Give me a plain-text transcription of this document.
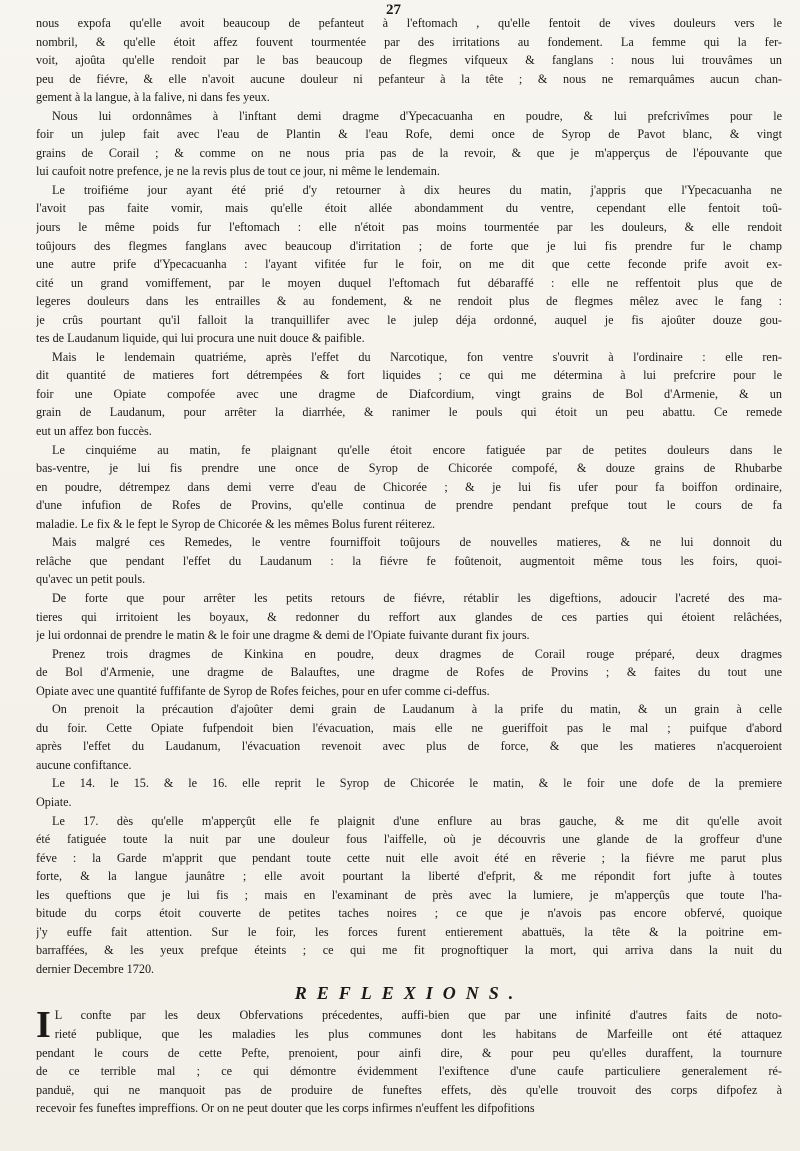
27
nous expofa qu'elle avoit beaucoup de pefanteut à l'eftomach , qu'elle fentoit de vives douleurs vers le
nombril, & qu'elle étoit affez fouvent tourmentée par des irritations au fondement. La femme qui la fer-
voit, ajoûta qu'elle rendoit par le bas beaucoup de flegmes vifqueux & fanglans : nous lui trouvâmes un
peu de fiévre, & elle n'avoit aucune douleur ni pefanteur à la tête ; & nous ne remarquâmes aucun chan-
gement à la langue, à la falive, ni dans fes yeux.
Nous lui ordonnâmes à l'inftant demi dragme d'Ypecacuanha en poudre, & lui prefcrivîmes pour le
foir un julep fait avec l'eau de Plantin & l'eau Rofe, demi once de Syrop de Pavot blanc, & vingt
grains de Corail ; & comme on ne nous pria pas de la revoir, & que je m'apperçus de l'épouvante que
lui caufoit notre prefence, je ne la revis plus de tout ce jour, ni même le lendemain.
Le troifiéme jour ayant été prié d'y retourner à dix heures du matin, j'appris que l'Ypecacuanha ne
l'avoit pas faite vomir, mais qu'elle étoit allée abondamment du ventre, cependant elle fentoit toû-
jours le même poids fur l'eftomach : elle n'étoit pas moins tourmentée par les douleurs, & elle rendoit
toûjours des flegmes fanglans avec beaucoup d'irritation ; de forte que je lui fis prendre fur le champ
une autre prife d'Ypecacuanha : l'ayant vifitée fur le foir, on me dit que cette feconde prife avoit ex-
cité un grand vomiffement, par le moyen duquel l'eftomach fut débaraffé : elle ne reffentoit plus que de
legeres douleurs dans les entrailles & au fondement, & ne rendoit plus de flegmes mêlez avec le fang :
je crûs pourtant qu'il falloit la tranquillifer avec le julep déja ordonné, auquel je fis ajoûter douze gou-
tes de Laudanum liquide, qui lui procura une nuit douce & paifible.
Mais le lendemain quatriéme, après l'effet du Narcotique, fon ventre s'ouvrit à l'ordinaire : elle ren-
dit quantité de matieres fort détrempées & fort liquides ; ce qui me détermina à lui prefcrire pour le
foir une Opiate compofée avec une dragme de Diafcordium, vingt grains de Bol d'Armenie, & un
grain de Laudanum, pour arrêter la diarrhée, & ranimer le pouls qui étoit un peu abattu. Ce remede
eut un affez bon fuccès.
Le cinquiéme au matin, fe plaignant qu'elle étoit encore fatiguée par de petites douleurs dans le
bas-ventre, je lui fis prendre une once de Syrop de Chicorée compofé, & douze grains de Rhubarbe
en poudre, détrempez dans demi verre d'eau de Chicorée ; & je lui fis ufer pour fa boiffon ordinaire,
d'une infufion de Rofes de Provins, qu'elle continua de prendre pendant prefque tout le cours de fa
maladie. Le fix & le fept le Syrop de Chicorée & les mêmes Bolus furent réiterez.
Mais malgré ces Remedes, le ventre fourniffoit toûjours de nouvelles matieres, & ne lui donnoit du
relâche que pendant l'effet du Laudanum : la fiévre fe foûtenoit, augmentoit même tous les foirs, quoi-
qu'avec un petit pouls.
De forte que pour arrêter les petits retours de fiévre, rétablir les digeftions, adoucir l'acreté des ma-
tieres qui irritoient les boyaux, & redonner du reffort aux glandes de ces parties qui étoient relâchées,
je lui ordonnai de prendre le matin & le foir une dragme & demi de l'Opiate fuivante durant fix jours.
Prenez trois dragmes de Kinkina en poudre, deux dragmes de Corail rouge préparé, deux dragmes
de Bol d'Armenie, une dragme de Balauftes, une dragme de Rofes de Provins ; & faites du tout une
Opiate avec une quantité fuffifante de Syrop de Rofes feiches, pour en ufer comme ci-deffus.
On prenoit la précaution d'ajoûter demi grain de Laudanum à la prife du matin, & un grain à celle
du foir. Cette Opiate fufpendoit bien l'évacuation, mais elle ne gueriffoit pas le mal ; puifque d'abord
après l'effet du Laudanum, l'évacuation revenoit avec plus de force, & que les matieres n'acqueroient
aucune confiftance.
Le 14. le 15. & le 16. elle reprit le Syrop de Chicorée le matin, & le foir une dofe de la premiere
Opiate.
Le 17. dès qu'elle m'apperçût elle fe plaignit d'une enflure au bras gauche, & me dit qu'elle avoit
été fatiguée toute la nuit par une douleur fous l'aiffelle, où je découvris une glande de la groffeur d'une
féve : la Garde m'apprit que pendant toute cette nuit elle avoit été en rêverie ; la fiévre me parut plus
forte, & la langue jaunâtre ; elle avoit pourtant la liberté d'efprit, & me répondit fort jufte à toutes
les queftions que je lui fis ; mais en l'examinant de près avec la lumiere, je m'apperçûs que toute l'ha-
bitude du corps étoit couverte de petites taches noires ; ce que je n'avois pas encore obfervé, quoique
j'y euffe fait attention. Sur le foir, les forces furent entierement abattuës, la tête & la poitrine em-
barraffées, & les yeux prefque éteints ; ce qui me fit prognoftiquer la mort, qui arriva dans la nuit du
dernier Decembre 1720.
REFLEXIONS.
I L confte par les deux Obfervations précedentes, auffi-bien que par une infinité d'autres faits de noto-
rieté publique, que les maladies les plus communes dont les habitans de Marfeille ont été attaquez
pendant le cours de cette Pefte, prenoient, pour ainfi dire, & pour peu qu'elles duraffent, la tournure
de ce terrible mal ; ce qui démontre évidemment l'exiftence d'une caufe particuliere generalement ré-
panduë, qui ne manquoit pas de produire de funeftes effets, dès qu'elle trouvoit des corps difpofez à
recevoir fes funeftes impreffions. Or on ne peut douter que les corps infirmes n'euffent les difpofitions
